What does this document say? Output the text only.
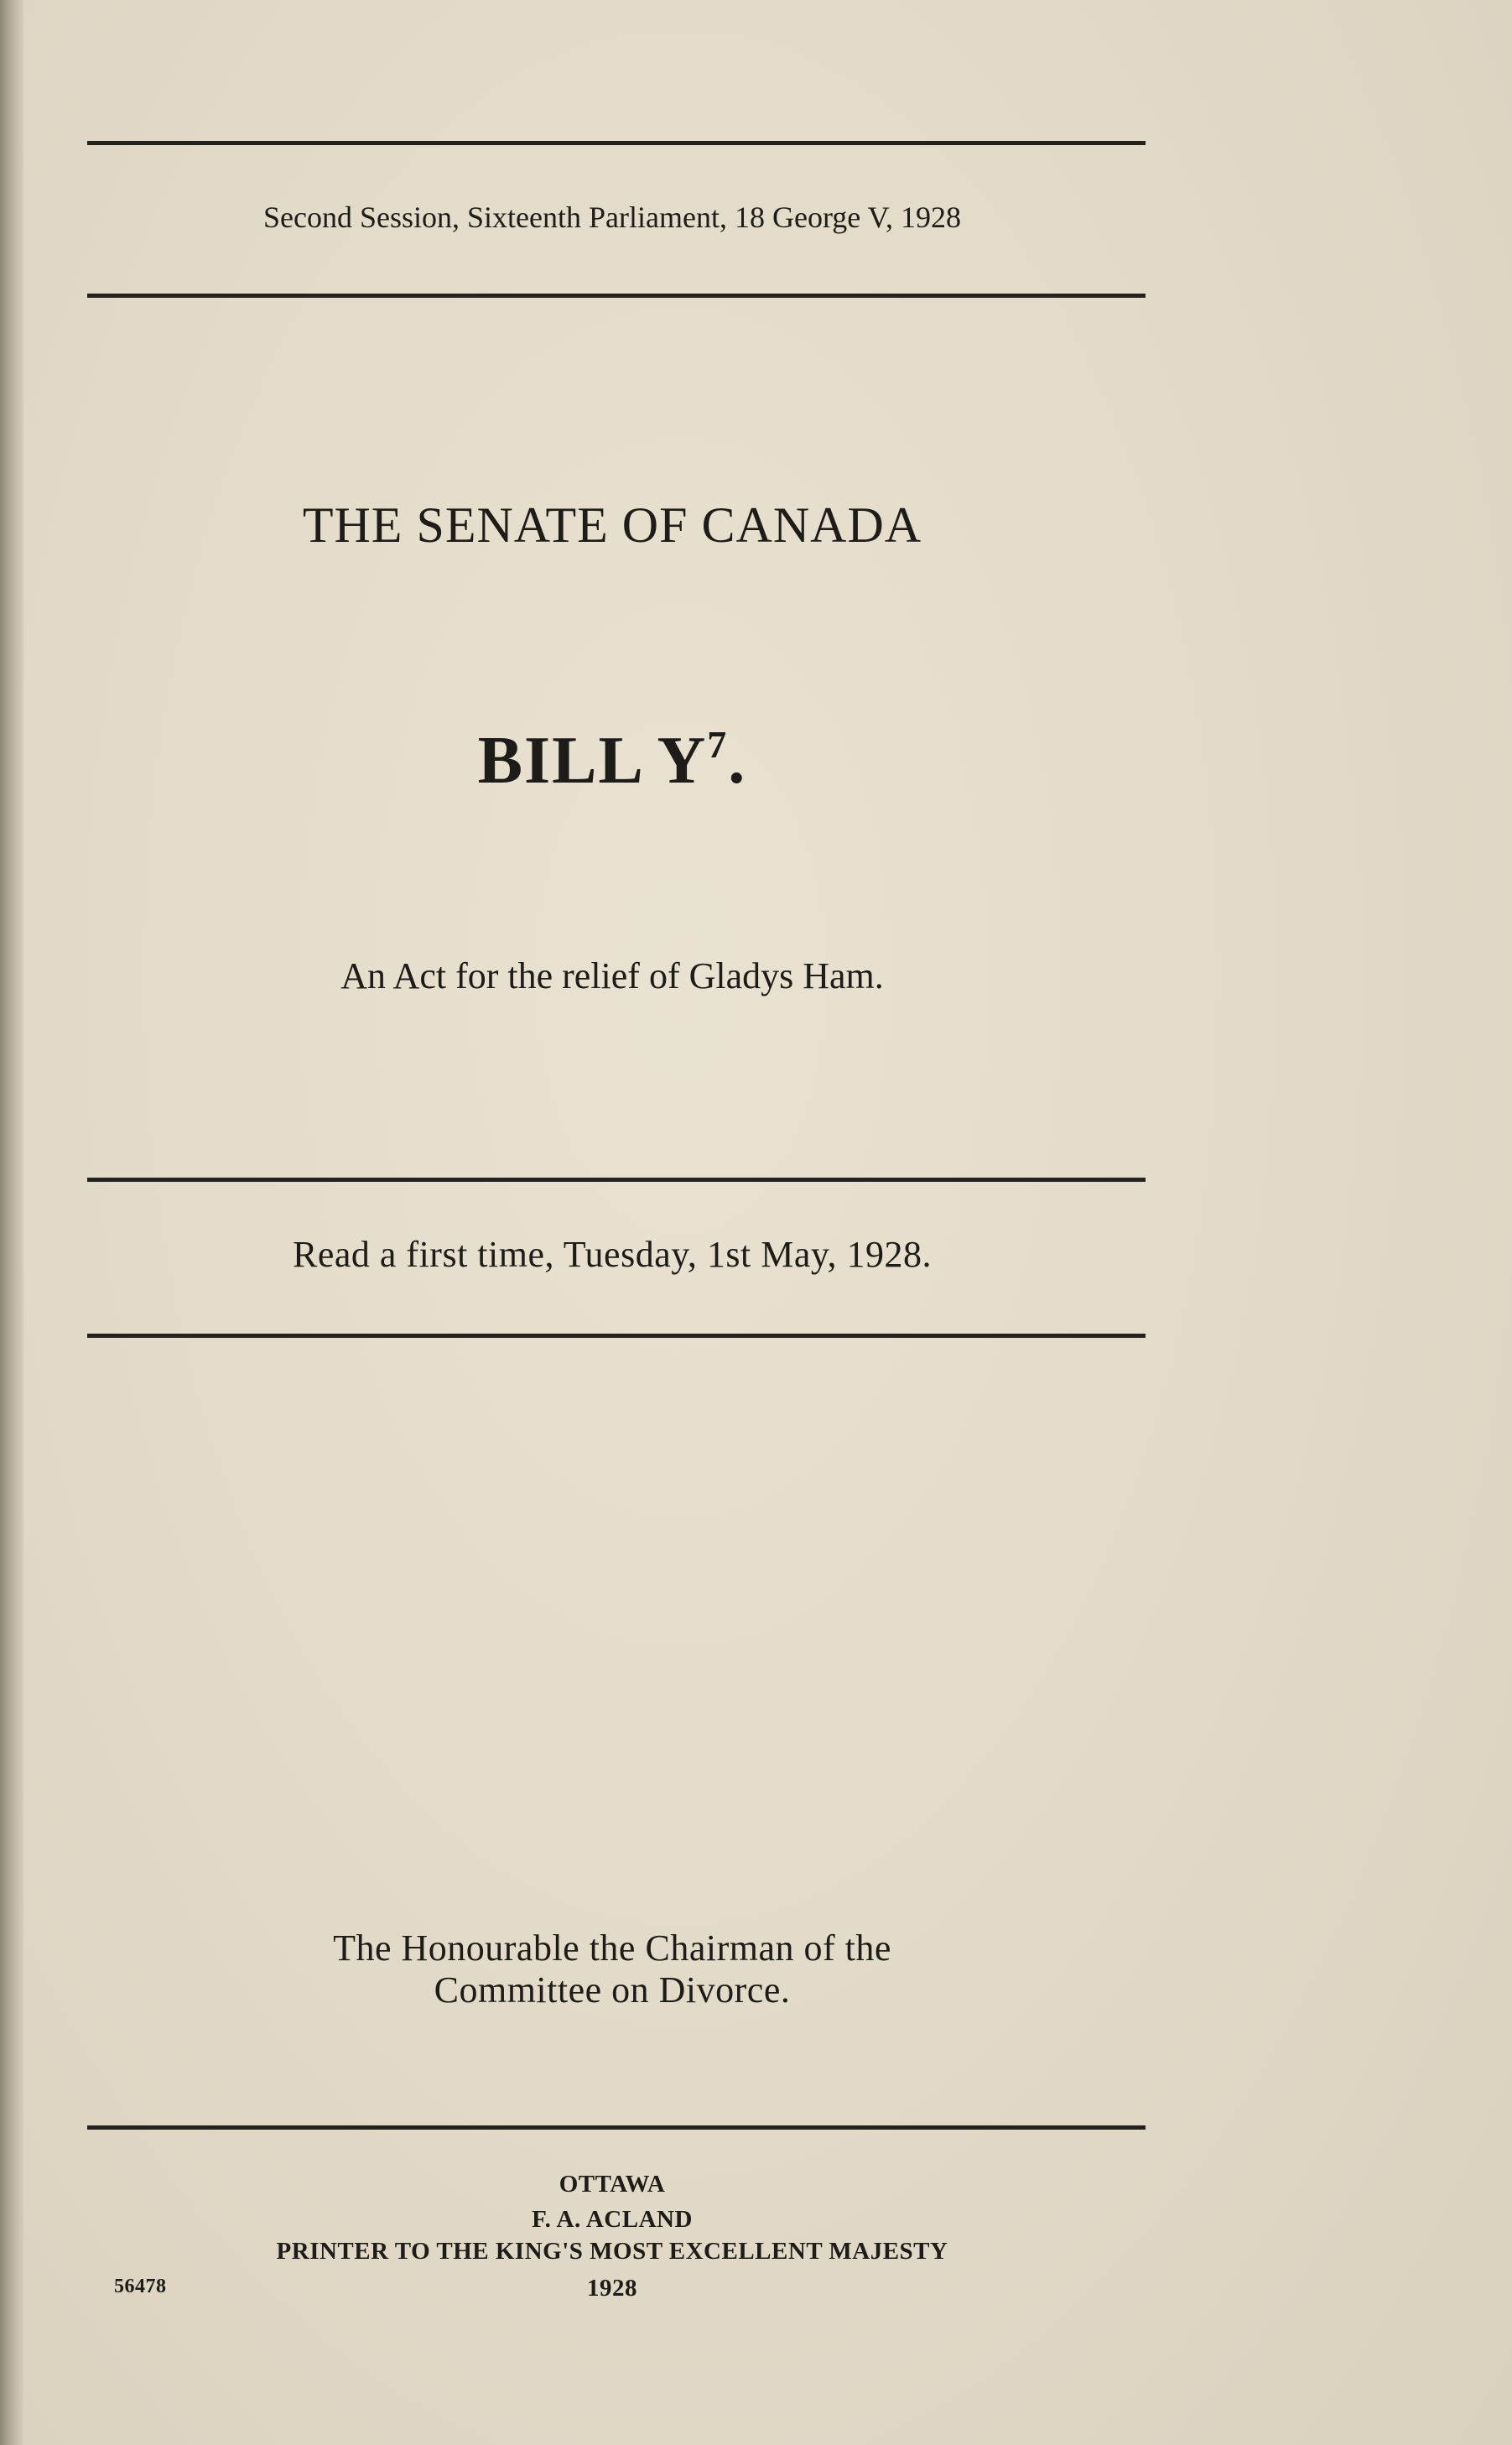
Second Session, Sixteenth Parliament, 18 George V, 1928
THE SENATE OF CANADA
BILL $Y^7$.
An Act for the relief of Gladys Ham.
Read a first time, Tuesday, 1st May, 1928.
The Honourable the Chairman of the
Committee on Divorce.
OTTAWA
F. A. ACLAND
PRINTER TO THE KING'S MOST EXCELLENT MAJESTY
1928
56478
